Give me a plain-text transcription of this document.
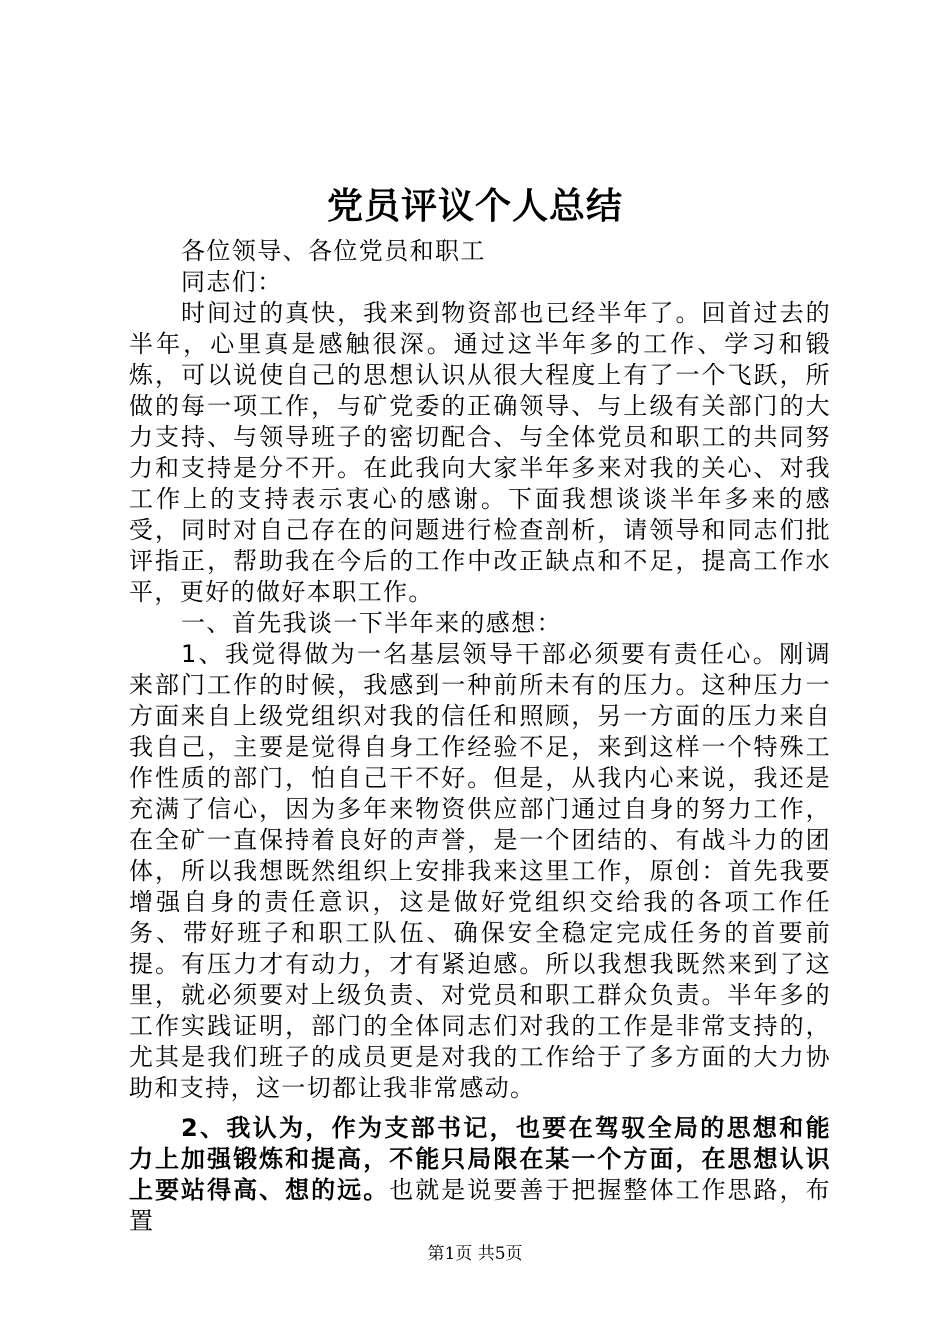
党员评议个人总结

各位领导、各位党员和职工

同志们：

时间过的真快，我来到物资部也已经半年了。回首过去的半年，心里真是感触很深。通过这半年多的工作、学习和锻炼，可以说使自己的思想认识从很大程度上有了一个飞跃，所做的每一项工作，与矿党委的正确领导、与上级有关部门的大力支持、与领导班子的密切配合、与全体党员和职工的共同努力和支持是分不开。在此我向大家半年多来对我的关心、对我工作上的支持表示衷心的感谢。下面我想谈谈半年多来的感受，同时对自己存在的问题进行检查剖析，请领导和同志们批评指正，帮助我在今后的工作中改正缺点和不足，提高工作水平，更好的做好本职工作。

一、首先我谈一下半年来的感想：

1、我觉得做为一名基层领导干部必须要有责任心。刚调来部门工作的时候，我感到一种前所未有的压力。这种压力一方面来自上级党组织对我的信任和照顾，另一方面的压力来自我自己，主要是觉得自身工作经验不足，来到这样一个特殊工作性质的部门，怕自己干不好。但是，从我内心来说，我还是充满了信心，因为多年来物资供应部门通过自身的努力工作，在全矿一直保持着良好的声誉，是一个团结的、有战斗力的团体，所以我想既然组织上安排我来这里工作，原创：首先我要增强自身的责任意识，这是做好党组织交给我的各项工作任务、带好班子和职工队伍、确保安全稳定完成任务的首要前提。有压力才有动力，才有紧迫感。所以我想我既然来到了这里，就必须要对上级负责、对党员和职工群众负责。半年多的工作实践证明，部门的全体同志们对我的工作是非常支持的，尤其是我们班子的成员更是对我的工作给于了多方面的大力协助和支持，这一切都让我非常感动。

2、我认为，作为支部书记，也要在驾驭全局的思想和能力上加强锻炼和提高，不能只局限在某一个方面，在思想认识上要站得高、想的远。也就是说要善于把握整体工作思路，布置

第1页 共5页
